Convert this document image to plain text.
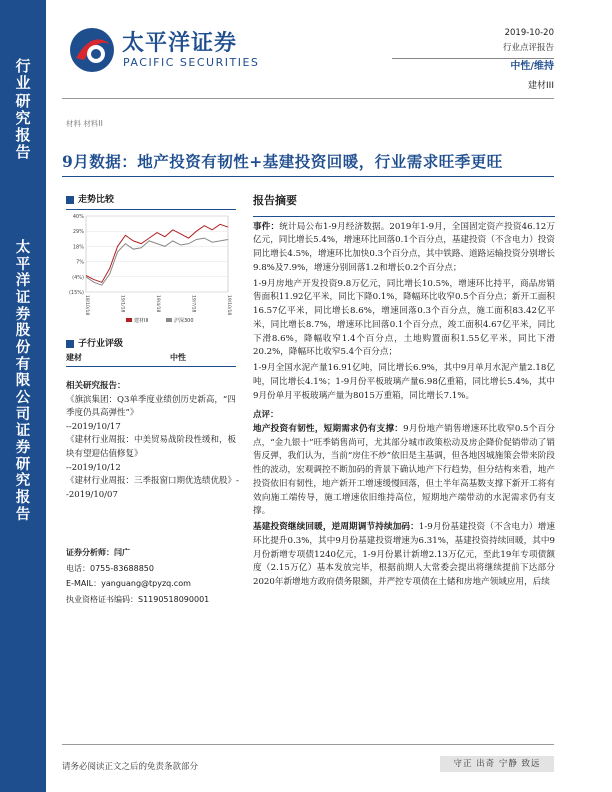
行
业
研
究
报
告
太
平
洋
证
券
股
份
有
限
公
司
证
券
研
究
报
告
太平洋证券
PACIFIC SECURITIES
2019-10-20
行业点评报告
中性/维持
建材III
材料 材料II
9月数据：地产投资有韧性+基建投资回暖，行业需求旺季更旺
走势比较
40%
29%
18%
7%
(4%)
(15%)
18/10/18	19/1/18	19/4/18	19/7/18	19/10/18
建材III	沪深300
子行业评级
建材	中性
相关研究报告：
《旗滨集团：Q3单季度业绩创历史新高，“四季度仍具高弹性”》
--2019/10/17
《建材行业周报：中美贸易战阶段性缓和，板块有望迎估值修复》
--2019/10/12
《建材行业周报：三季报窗口期优选绩优股》--2019/10/07
证券分析师：闫广
电话：0755-83688850
E-MAIL：yanguang@tpyzq.com
执业资格证书编码：S1190518090001
报告摘要

事件：统计局公布1-9月经济数据。2019年1-9月，全国固定资产投资46.12万亿元，同比增长5.4%，增速环比回落0.1个百分点，基建投资（不含电力）投资同比增长4.5%，增速环比加快0.3个百分点，其中铁路、道路运输投资分别增长9.8%及7.9%，增速分别回落1.2和增长0.2个百分点；

1-9月房地产开发投资9.8万亿元，同比增长10.5%，增速环比持平，商品房销售面积11.92亿平米，同比下降0.1%，降幅环比收窄0.5个百分点；新开工面积16.57亿平米，同比增长8.6%，增速回落0.3个百分点，施工面积83.42亿平米，同比增长8.7%，增速环比回落0.1个百分点，竣工面积4.67亿平米，同比下滑8.6%，降幅收窄1.4个百分点，土地购置面积1.55亿平米，同比下滑20.2%，降幅环比收窄5.4个百分点；

1-9月全国水泥产量16.91亿吨，同比增长6.9%，其中9月单月水泥产量2.18亿吨，同比增长4.1%；1-9月份平板玻璃产量6.98亿重箱，同比增长5.4%，其中9月份单月平板玻璃产量为8015万重箱，同比增长7.1%。

点评：

地产投资有韧性，短期需求仍有支撑：9月份地产销售增速环比收窄0.5个百分点，“金九银十”旺季销售尚可，尤其部分城市政策松动及房企降价促销带动了销售反弹，我们认为，当前“房住不炒”依旧是主基调，但各地因城施策会带来阶段性的波动，宏观调控不断加码的背景下确认地产下行趋势，但分结构来看，地产投资依旧有韧性，地产新开工增速缓慢回落，但土半年高基数支撑下新开工将有效向施工端传导，施工增速依旧维持高位，短期地产端带动的水泥需求仍有支撑。

基建投资继续回暖，逆周期调节持续加码：1-9月份基建投资（不含电力）增速环比提升0.3%，其中9月份基建投资增速为6.31%，基建投资持续回暖，其中9月份新增专项债1240亿元，1-9月份累计新增2.13万亿元，至此19年专项债额度（2.15万亿）基本发放完毕，根据前期人大常委会提出将继续提前下达部分2020年新增地方政府债务限额，并严控专项债在土储和房地产领域应用，后续

请务必阅读正文之后的免责条款部分	守正 出奇 宁静 致远
